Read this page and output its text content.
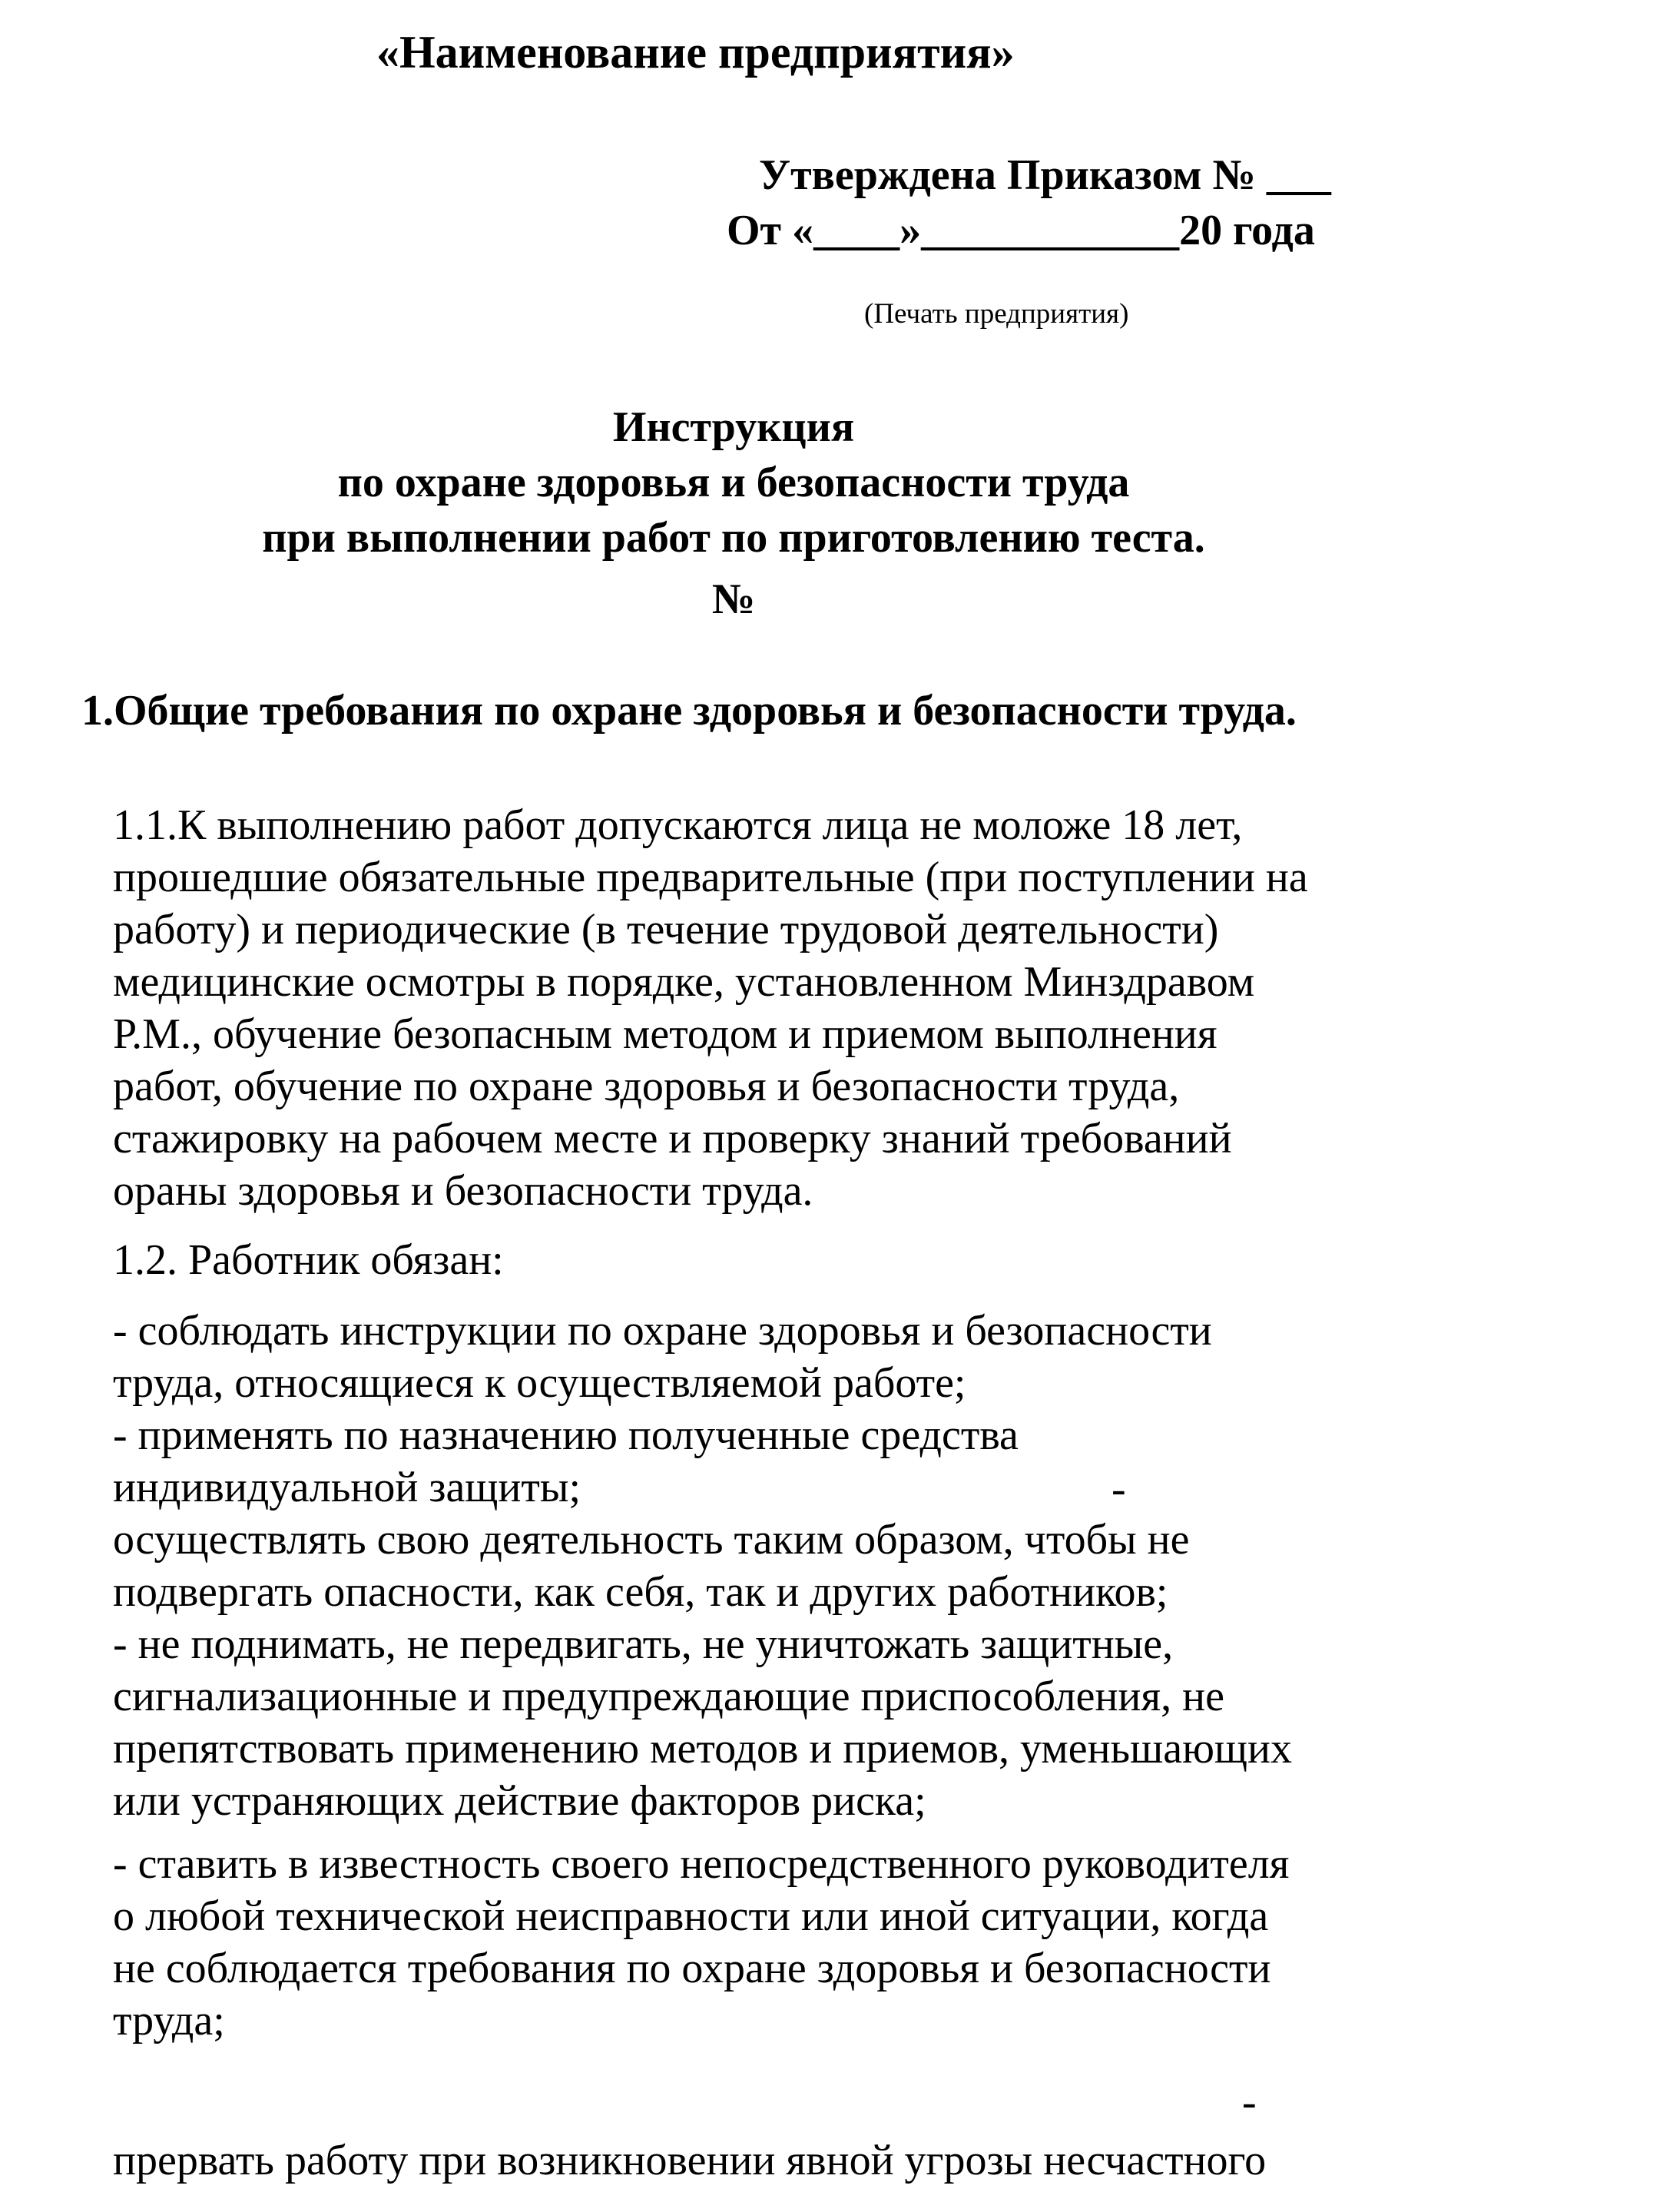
«Наименование предприятия»
Утверждена Приказом № ___
От «____»____________20 года
(Печать предприятия)
Инструкция
по охране здоровья и безопасности труда
при выполнении работ по приготовлению теста.
№
1.Общие требования по охране здоровья и безопасности труда.
1.1.К выполнению работ допускаются лица не моложе 18 лет,
прошедшие обязательные предварительные (при поступлении на
работу) и периодические (в течение трудовой деятельности)
медицинские осмотры в порядке, установленном Минздравом
Р.М., обучение безопасным методом и приемом выполнения
работ, обучение по охране здоровья и безопасности труда,
стажировку на рабочем месте и проверку знаний требований
ораны здоровья и безопасности труда.
1.2. Работник обязан:
- соблюдать инструкции по охране здоровья и безопасности
труда, относящиеся к осуществляемой работе;
- применять по назначению полученные средства
индивидуальной защиты;
осуществлять свою деятельность таким образом, чтобы не
подвергать опасности, как себя, так и других работников;
- не поднимать, не передвигать, не уничтожать защитные,
сигнализационные и предупреждающие приспособления, не
препятствовать применению методов и приемов, уменьшающих
или устраняющих действие факторов риска;
-
- ставить в известность своего непосредственного руководителя
о любой технической неисправности или иной ситуации, когда
не соблюдается требования по охране здоровья и безопасности
труда;
-
прервать работу при возникновении явной угрозы несчастного
